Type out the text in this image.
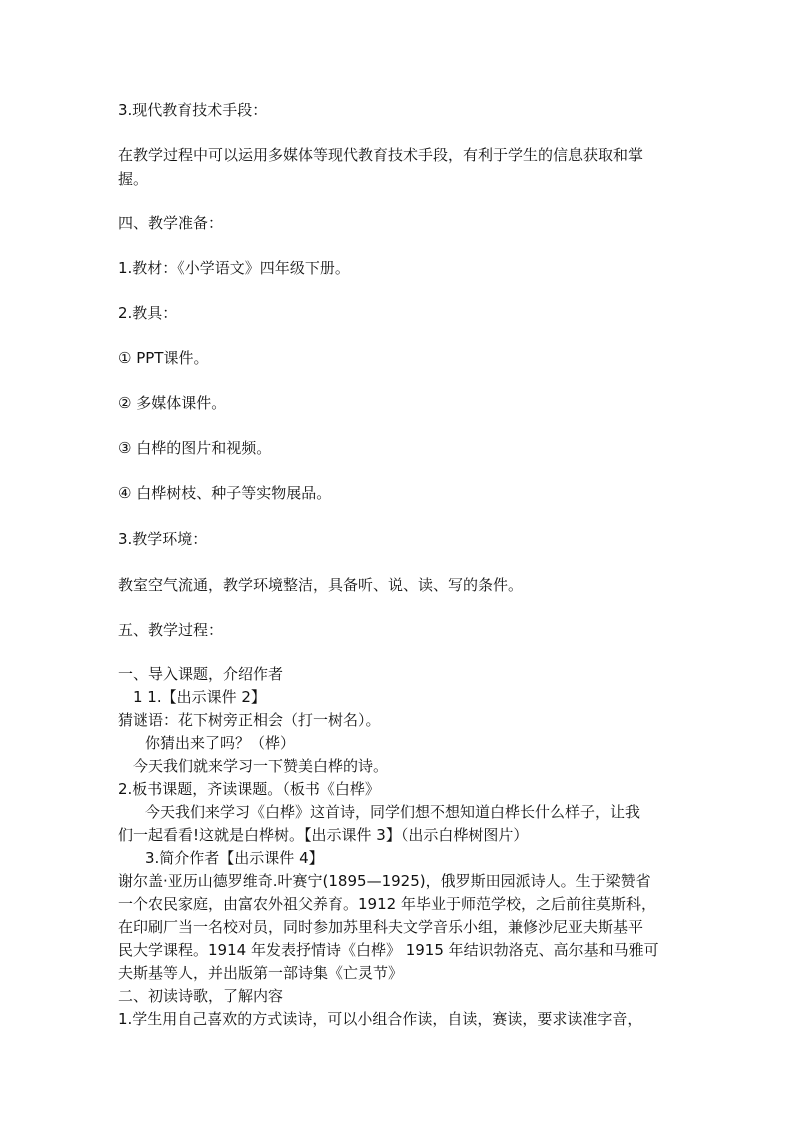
3.现代教育技术手段：
在教学过程中可以运用多媒体等现代教育技术手段，有利于学生的信息获取和掌
握。
四、教学准备：
1.教材：《小学语文》四年级下册。
2.教具：
① PPT课件。
② 多媒体课件。
③ 白桦的图片和视频。
④ 白桦树枝、种子等实物展品。
3.教学环境：
教室空气流通，教学环境整洁，具备听、说、读、写的条件。
五、教学过程：
一、导入课题，介绍作者
1 1.【出示课件 2】
猜谜语：花下树旁正相会（打一树名）。
你猜出来了吗？（桦）
今天我们就来学习一下赞美白桦的诗。
2.板书课题，齐读课题。（板书《白桦》
今天我们来学习《白桦》这首诗，同学们想不想知道白桦长什么样子，让我
们一起看看!这就是白桦树。【出示课件 3】（出示白桦树图片）
3.简介作者【出示课件 4】
谢尔盖·亚历山德罗维奇.叶赛宁(1895—1925)，俄罗斯田园派诗人。生于梁赞省
一个农民家庭，由富农外祖父养育。1912 年毕业于师范学校，之后前往莫斯科，
在印刷厂当一名校对员，同时参加苏里科夫文学音乐小组，兼修沙尼亚夫斯基平
民大学课程。1914 年发表抒情诗《白桦》 1915 年结识勃洛克、高尔基和马雅可
夫斯基等人，并出版第一部诗集《亡灵节》
二、初读诗歌，了解内容
1.学生用自己喜欢的方式读诗，可以小组合作读，自读，赛读，要求读准字音，
